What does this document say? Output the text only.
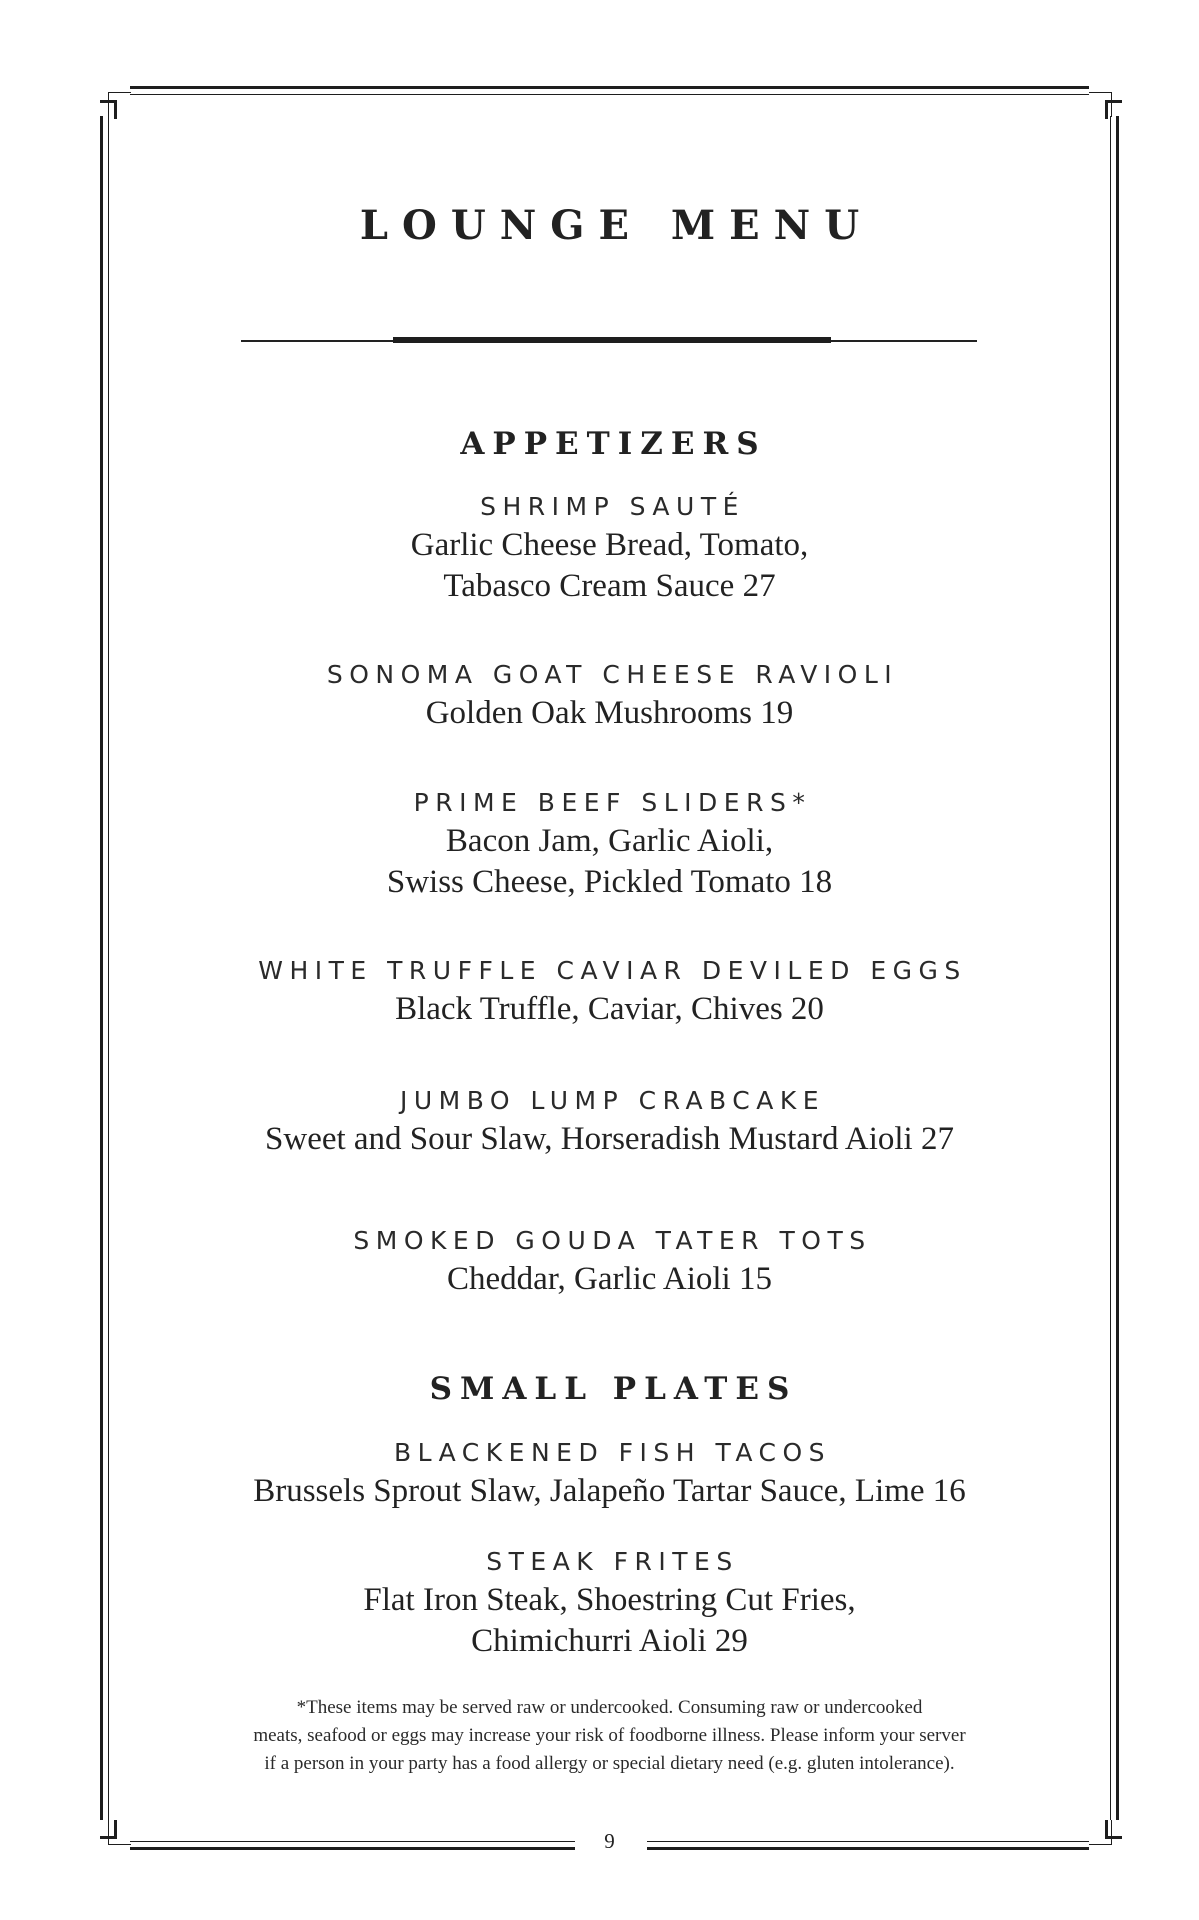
LOUNGE MENU
APPETIZERS
SHRIMP SAUTÉ
Garlic Cheese Bread, Tomato,
Tabasco Cream Sauce 27
SONOMA GOAT CHEESE RAVIOLI
Golden Oak Mushrooms 19
PRIME BEEF SLIDERS*
Bacon Jam, Garlic Aioli,
Swiss Cheese, Pickled Tomato 18
WHITE TRUFFLE CAVIAR DEVILED EGGS
Black Truffle, Caviar, Chives 20
JUMBO LUMP CRABCAKE
Sweet and Sour Slaw, Horseradish Mustard Aioli 27
SMOKED GOUDA TATER TOTS
Cheddar, Garlic Aioli 15
SMALL PLATES
BLACKENED FISH TACOS
Brussels Sprout Slaw, Jalapeño Tartar Sauce, Lime 16
STEAK FRITES
Flat Iron Steak, Shoestring Cut Fries,
Chimichurri Aioli 29
*These items may be served raw or undercooked. Consuming raw or undercooked
meats, seafood or eggs may increase your risk of foodborne illness. Please inform your server
if a person in your party has a food allergy or special dietary need (e.g. gluten intolerance).
9
